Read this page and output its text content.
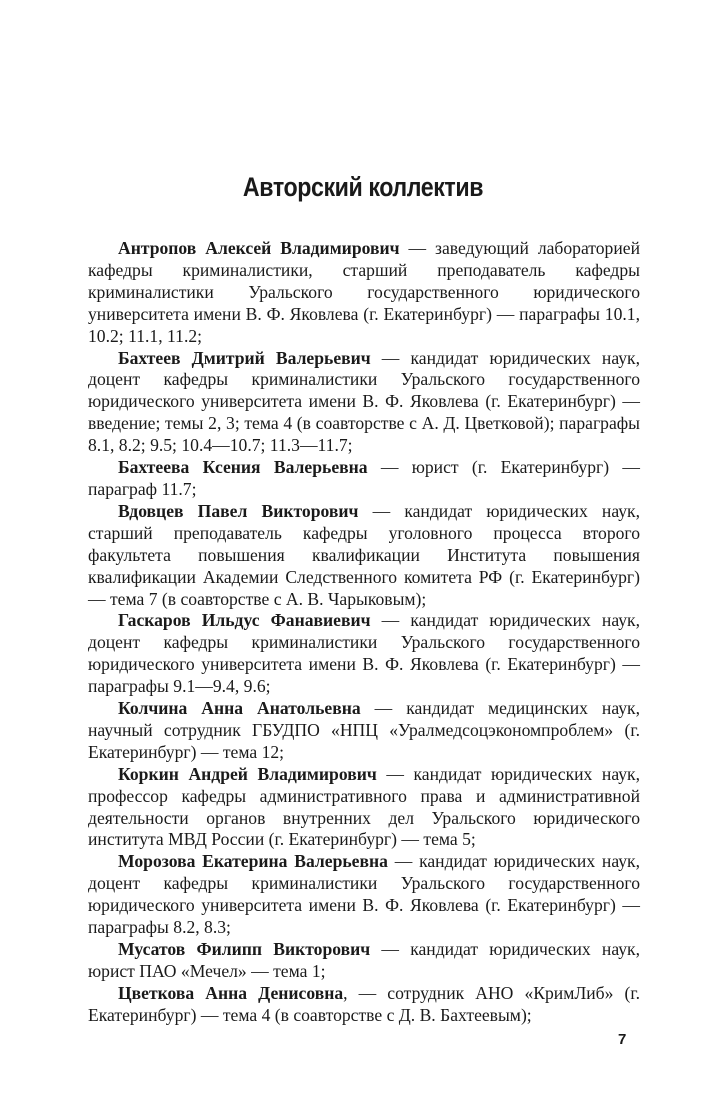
Авторский коллектив

Антропов Алексей Владимирович — заведующий лабораторией кафедры криминалистики, старший преподаватель кафедры криминалистики Уральского государственного юридического университета имени В. Ф. Яковлева (г. Екатеринбург) — параграфы 10.1, 10.2; 11.1, 11.2;

Бахтеев Дмитрий Валерьевич — кандидат юридических наук, доцент кафедры криминалистики Уральского государственного юридического университета имени В. Ф. Яковлева (г. Екатеринбург) — введение; темы 2, 3; тема 4 (в соавторстве с А. Д. Цветковой); параграфы 8.1, 8.2; 9.5; 10.4—10.7; 11.3—11.7;

Бахтеева Ксения Валерьевна — юрист (г. Екатеринбург) — параграф 11.7;

Вдовцев Павел Викторович — кандидат юридических наук, старший преподаватель кафедры уголовного процесса второго факультета повышения квалификации Института повышения квалификации Академии Следственного комитета РФ (г. Екатеринбург) — тема 7 (в соавторстве с А. В. Чарыковым);

Гаскаров Ильдус Фанавиевич — кандидат юридических наук, доцент кафедры криминалистики Уральского государственного юридического университета имени В. Ф. Яковлева (г. Екатеринбург) — параграфы 9.1—9.4, 9.6;

Колчина Анна Анатольевна — кандидат медицинских наук, научный сотрудник ГБУДПО «НПЦ «Уралмедсоцэкономпроблем» (г. Екатеринбург) — тема 12;

Коркин Андрей Владимирович — кандидат юридических наук, профессор кафедры административного права и административной деятельности органов внутренних дел Уральского юридического института МВД России (г. Екатеринбург) — тема 5;

Морозова Екатерина Валерьевна — кандидат юридических наук, доцент кафедры криминалистики Уральского государственного юридического университета имени В. Ф. Яковлева (г. Екатеринбург) — параграфы 8.2, 8.3;

Мусатов Филипп Викторович — кандидат юридических наук, юрист ПАО «Мечел» — тема 1;

Цветкова Анна Денисовна, — сотрудник АНО «КримЛиб» (г. Екатеринбург) — тема 4 (в соавторстве с Д. В. Бахтеевым);

7
